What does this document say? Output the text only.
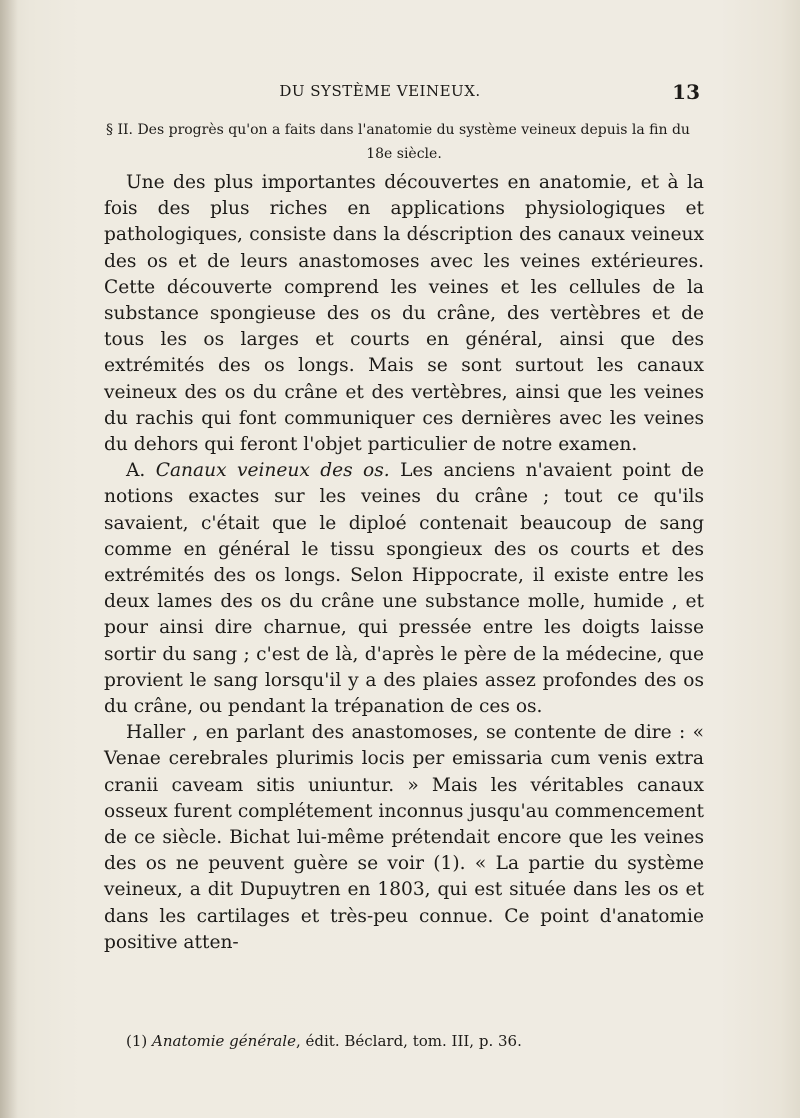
DU SYSTÈME VEINEUX.	13
§ II. Des progrès qu'on a faits dans l'anatomie du système veineux depuis la fin du 18e siècle.

Une des plus importantes découvertes en anatomie, et à la fois des plus riches en applications physiologiques et pathologiques, consiste dans la déscription des canaux veineux des os et de leurs anastomoses avec les veines extérieures. Cette découverte comprend les veines et les cellules de la substance spongieuse des os du crâne, des vertèbres et de tous les os larges et courts en général, ainsi que des extrémités des os longs. Mais se sont surtout les canaux veineux des os du crâne et des vertèbres, ainsi que les veines du rachis qui font communiquer ces dernières avec les veines du dehors qui feront l'objet particulier de notre examen.

A. Canaux veineux des os. Les anciens n'avaient point de notions exactes sur les veines du crâne ; tout ce qu'ils savaient, c'était que le diploé contenait beaucoup de sang comme en général le tissu spongieux des os courts et des extrémités des os longs. Selon Hippocrate, il existe entre les deux lames des os du crâne une substance molle, humide , et pour ainsi dire charnue, qui pressée entre les doigts laisse sortir du sang ; c'est de là, d'après le père de la médecine, que provient le sang lorsqu'il y a des plaies assez profondes des os du crâne, ou pendant la trépanation de ces os.

Haller , en parlant des anastomoses, se contente de dire : « Venae cerebrales plurimis locis per emissaria cum venis extra cranii caveam sitis uniuntur. » Mais les véritables canaux osseux furent complétement inconnus jusqu'au commencement de ce siècle. Bichat lui-même prétendait encore que les veines des os ne peuvent guère se voir (1). « La partie du système veineux, a dit Dupuytren en 1803, qui est située dans les os et dans les cartilages et très-peu connue. Ce point d'anatomie positive atten-

(1) Anatomie générale, édit. Béclard, tom. III, p. 36.
